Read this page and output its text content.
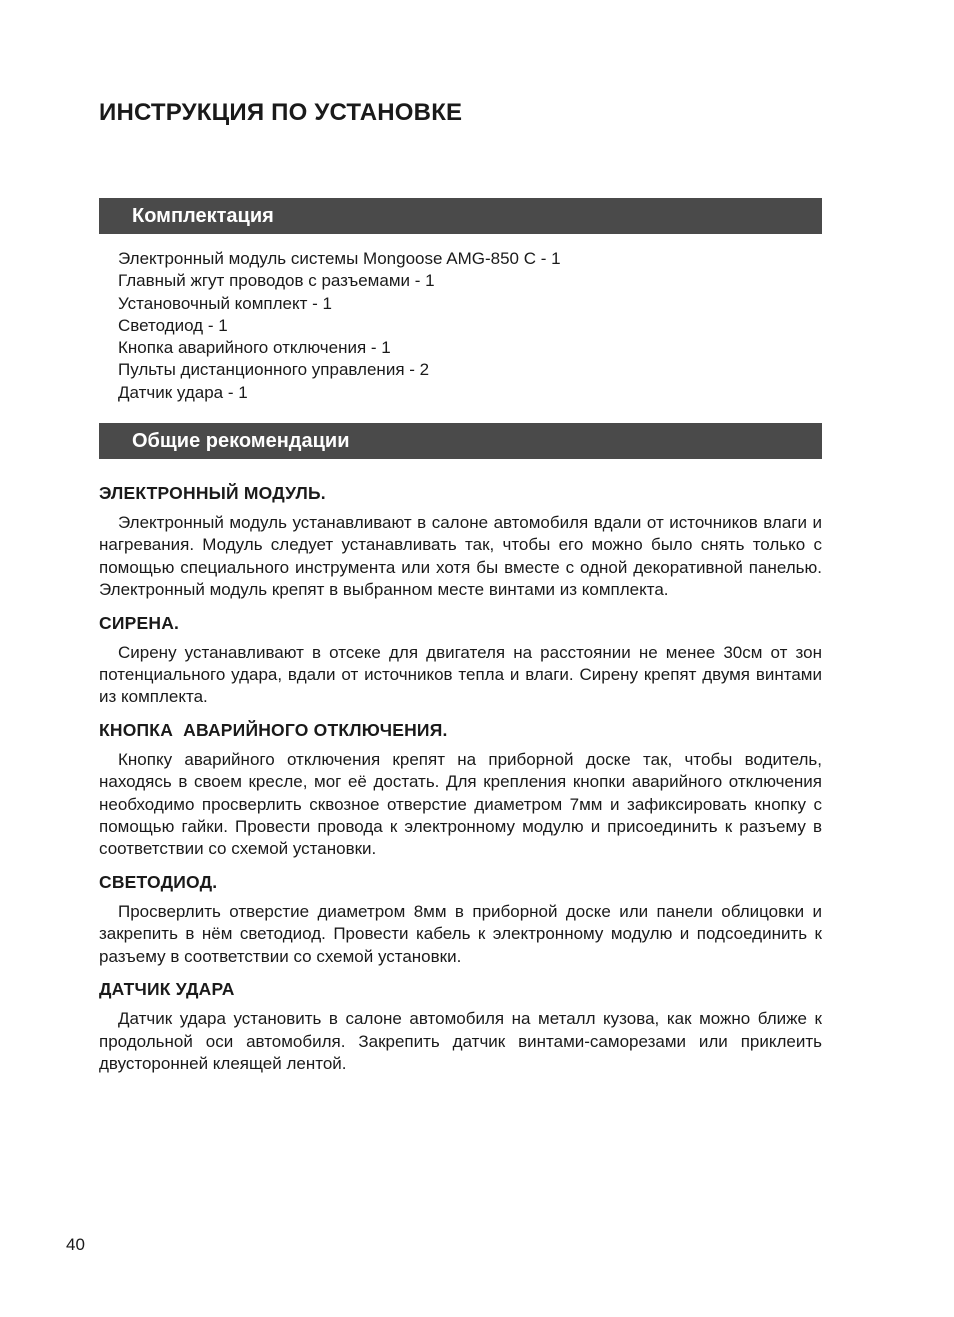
ИНСТРУКЦИЯ ПО УСТАНОВКЕ
Комплектация
Электронный модуль системы Mongoose AMG-850 C - 1
Главный жгут проводов с разъемами - 1
Установочный комплект - 1
Светодиод - 1
Кнопка аварийного отключения - 1
Пульты дистанционного управления - 2
Датчик удара - 1
Общие рекомендации
ЭЛЕКТРОННЫЙ МОДУЛЬ.

Электронный модуль устанавливают в салоне автомобиля вдали от источников влаги и нагревания. Модуль следует устанавливать так, чтобы его можно было снять только с помощью специального инструмента или хотя бы вместе с одной декоративной панелью. Электронный модуль крепят в выбранном месте винтами из комплекта.

СИРЕНА.

Сирену устанавливают в отсеке для двигателя на расстоянии не менее 30см от зон потенциального удара, вдали от источников тепла и влаги. Сирену крепят двумя винтами из комплекта.

КНОПКА  АВАРИЙНОГО ОТКЛЮЧЕНИЯ.

Кнопку аварийного отключения крепят на приборной доске так, чтобы водитель, находясь в своем кресле, мог её достать. Для крепления кнопки аварийного отключения необходимо просверлить сквозное отверстие диаметром 7мм и зафиксировать кнопку с помощью гайки. Провести провода к электронному модулю и присоединить к разъему в соответствии со схемой установки.

СВЕТОДИОД.

Просверлить отверстие диаметром 8мм в приборной доске или панели облицовки и закрепить в нём светодиод. Провести кабель к электронному модулю и подсоединить к разъему в соответствии со схемой установки.

ДАТЧИК УДАРА

Датчик удара установить в салоне автомобиля на металл кузова, как можно ближе к продольной оси автомобиля. Закрепить датчик винтами-саморезами или приклеить двусторонней клеящей лентой.

40
